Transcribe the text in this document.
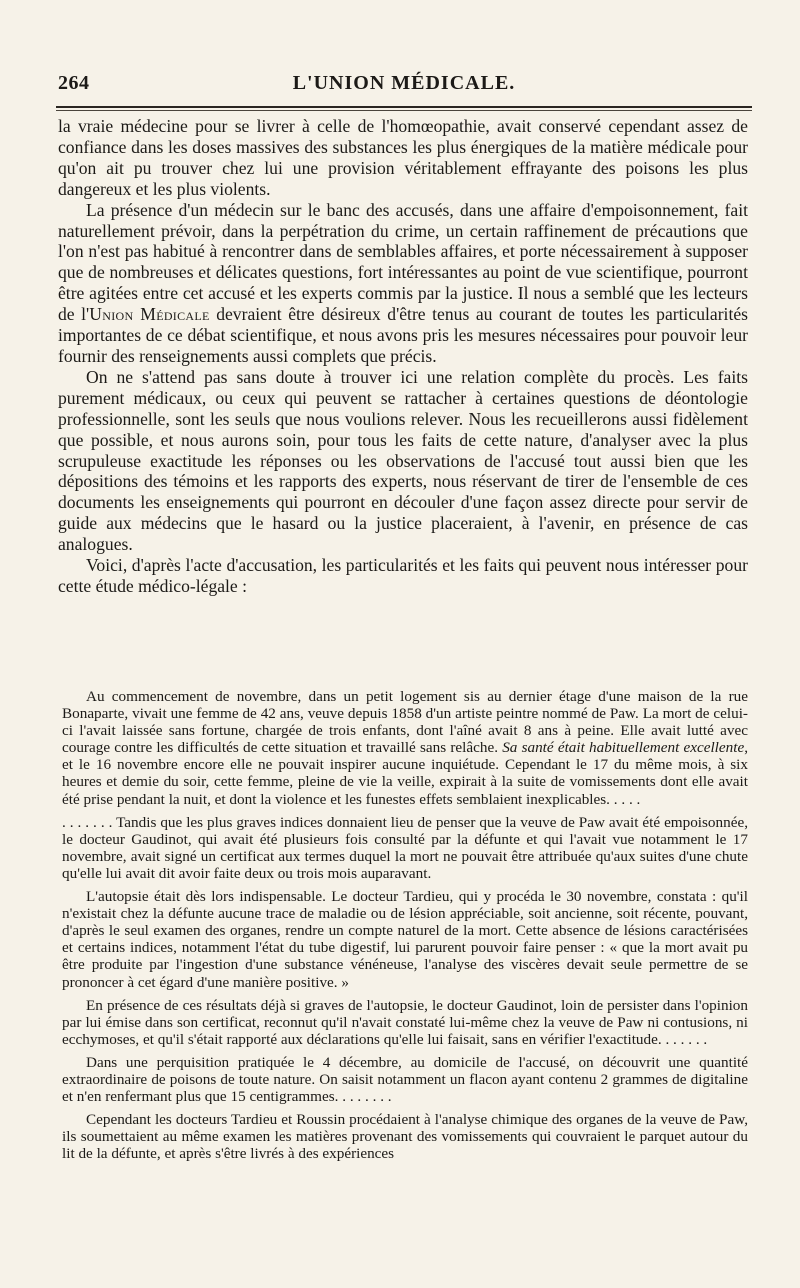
264	L'UNION MÉDICALE.

la vraie médecine pour se livrer à celle de l'homœopathie, avait conservé cependant assez de confiance dans les doses massives des substances les plus énergiques de la matière médicale pour qu'on ait pu trouver chez lui une provision véritablement effrayante des poisons les plus dangereux et les plus violents.

La présence d'un médecin sur le banc des accusés, dans une affaire d'empoisonnement, fait naturellement prévoir, dans la perpétration du crime, un certain raffinement de précautions que l'on n'est pas habitué à rencontrer dans de semblables affaires, et porte nécessairement à supposer que de nombreuses et délicates questions, fort intéressantes au point de vue scientifique, pourront être agitées entre cet accusé et les experts commis par la justice. Il nous a semblé que les lecteurs de l'Union Médicale devraient être désireux d'être tenus au courant de toutes les particularités importantes de ce débat scientifique, et nous avons pris les mesures nécessaires pour pouvoir leur fournir des renseignements aussi complets que précis.

On ne s'attend pas sans doute à trouver ici une relation complète du procès. Les faits purement médicaux, ou ceux qui peuvent se rattacher à certaines questions de déontologie professionnelle, sont les seuls que nous voulions relever. Nous les recueillerons aussi fidèlement que possible, et nous aurons soin, pour tous les faits de cette nature, d'analyser avec la plus scrupuleuse exactitude les réponses ou les observations de l'accusé tout aussi bien que les dépositions des témoins et les rapports des experts, nous réservant de tirer de l'ensemble de ces documents les enseignements qui pourront en découler d'une façon assez directe pour servir de guide aux médecins que le hasard ou la justice placeraient, à l'avenir, en présence de cas analogues.

Voici, d'après l'acte d'accusation, les particularités et les faits qui peuvent nous intéresser pour cette étude médico-légale :

Au commencement de novembre, dans un petit logement sis au dernier étage d'une maison de la rue Bonaparte, vivait une femme de 42 ans, veuve depuis 1858 d'un artiste peintre nommé de Paw. La mort de celui-ci l'avait laissée sans fortune, chargée de trois enfants, dont l'aîné avait 8 ans à peine. Elle avait lutté avec courage contre les difficultés de cette situation et travaillé sans relâche. Sa santé était habituellement excellente, et le 16 novembre encore elle ne pouvait inspirer aucune inquiétude. Cependant le 17 du même mois, à six heures et demie du soir, cette femme, pleine de vie la veille, expirait à la suite de vomissements dont elle avait été prise pendant la nuit, et dont la violence et les funestes effets semblaient inexplicables. . . . .

. . . . . . . Tandis que les plus graves indices donnaient lieu de penser que la veuve de Paw avait été empoisonnée, le docteur Gaudinot, qui avait été plusieurs fois consulté par la défunte et qui l'avait vue notamment le 17 novembre, avait signé un certificat aux termes duquel la mort ne pouvait être attribuée qu'aux suites d'une chute qu'elle lui avait dit avoir faite deux ou trois mois auparavant.

L'autopsie était dès lors indispensable. Le docteur Tardieu, qui y procéda le 30 novembre, constata : qu'il n'existait chez la défunte aucune trace de maladie ou de lésion appréciable, soit ancienne, soit récente, pouvant, d'après le seul examen des organes, rendre un compte naturel de la mort. Cette absence de lésions caractérisées et certains indices, notamment l'état du tube digestif, lui parurent pouvoir faire penser : « que la mort avait pu être produite par l'ingestion d'une substance vénéneuse, l'analyse des viscères devait seule permettre de se prononcer à cet égard d'une manière positive. »

En présence de ces résultats déjà si graves de l'autopsie, le docteur Gaudinot, loin de persister dans l'opinion par lui émise dans son certificat, reconnut qu'il n'avait constaté lui-même chez la veuve de Paw ni contusions, ni ecchymoses, et qu'il s'était rapporté aux déclarations qu'elle lui faisait, sans en vérifier l'exactitude. . . . . . .

Dans une perquisition pratiquée le 4 décembre, au domicile de l'accusé, on découvrit une quantité extraordinaire de poisons de toute nature. On saisit notamment un flacon ayant contenu 2 grammes de digitaline et n'en renfermant plus que 15 centigrammes. . . . . . . .

Cependant les docteurs Tardieu et Roussin procédaient à l'analyse chimique des organes de la veuve de Paw, ils soumettaient au même examen les matières provenant des vomissements qui couvraient le parquet autour du lit de la défunte, et après s'être livrés à des expériences
